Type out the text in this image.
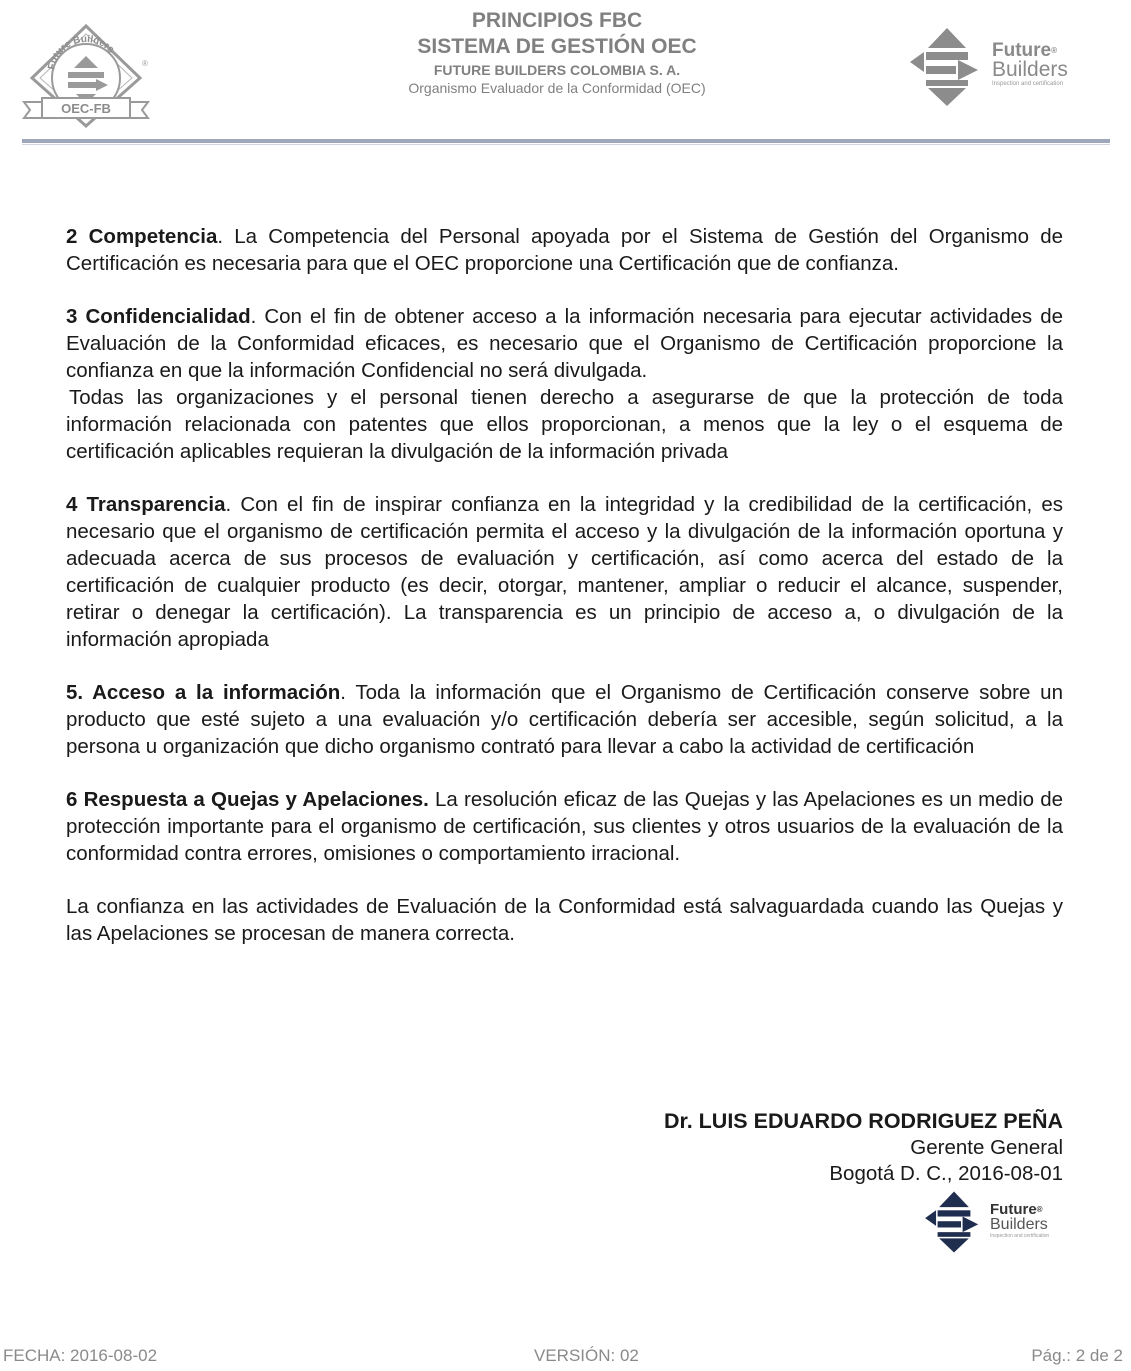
Future Builders
OEC-FB
®
PRINCIPIOS FBC
SISTEMA DE GESTIÓN OEC
FUTURE BUILDERS COLOMBIA S. A.
Organismo Evaluador de la Conformidad (OEC)
Future®
Builders
Inspection and certification

2 Competencia. La Competencia del Personal apoyada por el Sistema de Gestión del Organismo de Certificación es necesaria para que el OEC proporcione una Certificación que de confianza.

3 Confidencialidad. Con el fin de obtener acceso a la información necesaria para ejecutar actividades de Evaluación de la Conformidad eficaces, es necesario que el Organismo de Certificación proporcione la confianza en que la información Confidencial no será divulgada.

Todas las organizaciones y el personal tienen derecho a asegurarse de que la protección de toda información relacionada con patentes que ellos proporcionan, a menos que la ley o el esquema de certificación aplicables requieran la divulgación de la información privada

4 Transparencia. Con el fin de inspirar confianza en la integridad y la credibilidad de la certificación, es necesario que el organismo de certificación permita el acceso y la divulgación de la información oportuna y adecuada acerca de sus procesos de evaluación y certificación, así como acerca del estado de la certificación de cualquier producto (es decir, otorgar, mantener, ampliar o reducir el alcance, suspender, retirar o denegar la certificación). La transparencia es un principio de acceso a, o divulgación de la información apropiada

5. Acceso a la información. Toda la información que el Organismo de Certificación conserve sobre un producto que esté sujeto a una evaluación y/o certificación debería ser accesible, según solicitud, a la persona u organización que dicho organismo contrató para llevar a cabo la actividad de certificación

6 Respuesta a Quejas y Apelaciones. La resolución eficaz de las Quejas y las Apelaciones es un medio de protección importante para el organismo de certificación, sus clientes y otros usuarios de la evaluación de la conformidad contra errores, omisiones o comportamiento irracional.

La confianza en las actividades de Evaluación de la Conformidad está salvaguardada cuando las Quejas y las Apelaciones se procesan de manera correcta.

Dr. LUIS EDUARDO RODRIGUEZ PEÑA
Gerente General
Bogotá D. C., 2016-08-01
Future®
Builders
Inspection and certification
FECHA: 2016-08-02	VERSIÓN: 02	Pág.: 2 de 2
